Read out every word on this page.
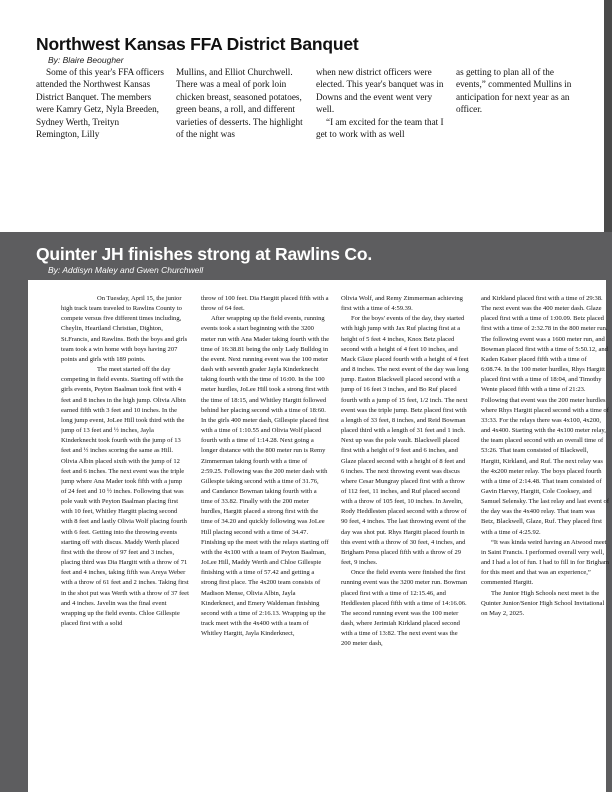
Northwest Kansas FFA District Banquet
By: Blaire Beougher

Some of this year's FFA officers attended the Northwest Kansas District Banquet. The members were Kamry Getz, Nyla Breeden, Sydney Werth, Treityn Remington, Lilly

Mullins, and Elliot Churchwell. There was a meal of pork loin chicken breast, seasoned potatoes, green beans, a roll, and different varieties of desserts. The highlight of the night was

when new district officers were elected. This year's banquet was in Downs and the event went very well.

“I am excited for the team that I get to work with as well

as getting to plan all of the events,” commented Mullins in anticipation for next year as an officer.

Quinter JH finishes strong at Rawlins Co.
By: Addisyn Maley and Gwen Churchwell

On Tuesday, April 15, the junior high track team traveled to Rawlins County to compete versus five different times including, Cheylin, Heartland Christian, Dighton, St.Francis, and Rawlins. Both the boys and girls team took a win home with boys having 207 points and girls with 189 points.

The meet started off the day competing in field events. Starting off with the girls events, Peyton Baalman took first with 4 feet and 8 inches in the high jump. Olivia Albin earned fifth with 3 feet and 10 inches. In the long jump event, JoLee Hill took third with the jump of 13 feet and ½ inches, Jayla Kinderknecht took fourth with the jump of 13 feet and ½ inches scoring the same as Hill. Olivia Albin placed sixth with the jump of 12 feet and 6 inches. The next event was the triple jump where Ana Mader took fifth with a jump of 24 feet and 10 ½ inches. Following that was pole vault with Peyton Baalman placing first with 10 feet, Whitley Hargitt placing second with 8 feet and lastly Olivia Wolf placing fourth with 6 feet. Getting into the throwing events starting off with discus. Maddy Werth placed first with the throw of 97 feet and 3 inches, placing third was Dia Hargitt with a throw of 71 feet and 4 inches, taking fifth was Areya Weber with a throw of 61 feet and 2 inches. Taking first in the shot put was Werth with a throw of 37 feet and 4 inches. Javelin was the final event wrapping up the field events. Chloe Gillespie placed first with a solid

throw of 100 feet. Dia Hargitt placed fifth with a throw of 64 feet.

After wrapping up the field events, running events took a start beginning with the 3200 meter run with Ana Mader taking fourth with the time of 16:38.81 being the only Lady Bulldog in the event. Next running event was the 100 meter dash with seventh grader Jayla Kinderknecht taking fourth with the time of 16:00. In the 100 meter hurdles, JoLee Hill took a strong first with the time of 18:15, and Whitley Hargitt followed behind her placing second with a time of 18:60. In the girls 400 meter dash, Gillespie placed first with a time of 1:10.55 and Olivia Wolf placed fourth with a time of 1:14.28. Next going a longer distance with the 800 meter run is Remy Zimmerman taking fourth with a time of 2:59.25. Following was the 200 meter dash with Gillespie taking second with a time of 31.76, and Candance Bowman taking fourth with a time of 33.82. Finally with the 200 meter hurdles, Hargitt placed a strong first with the time of 34.20 and quickly following was JoLee Hill placing second with a time of 34.47. Finishing up the meet with the relays starting off with the 4x100 with a team of Peyton Baalman, JoLee Hill, Maddy Werth and Chloe Gillespie finishing with a time of 57.42 and getting a strong first place. The 4x200 team consists of Madison Mense, Olivia Albin, Jayla Kinderknect, and Emery Waldeman finishing second with a time of 2:16.13. Wrapping up the track meet with the 4x400 with a team of Whitley Hargitt, Jayla Kinderknect,

Olivia Wolf, and Remy Zimmerman achieving first with a time of 4:59.39.

For the boys' events of the day, they started with high jump with Jax Ruf placing first at a height of 5 feet 4 inches, Knox Betz placed second with a height of 4 feet 10 inches, and Mack Glaze placed fourth with a height of 4 feet and 8 inches. The next event of the day was long jump. Easton Blackwell placed second with a jump of 16 feet 3 inches, and Bo Ruf placed fourth with a jump of 15 feet, 1/2 inch. The next event was the triple jump. Betz placed first with a length of 33 feet, 8 inches, and Reid Bowman placed third with a length of 31 feet and 1 inch. Next up was the pole vault. Blackwell placed first with a height of 9 feet and 6 inches, and Glaze placed second with a height of 8 feet and 6 inches. The next throwing event was discus where Cesar Mungray placed first with a throw of 112 feet, 11 inches, and Ruf placed second with a throw of 105 feet, 10 inches. In Javelin, Rody Heddlesten placed second with a throw of 90 feet, 4 inches. The last throwing event of the day was shot put. Rhys Hargitt placed fourth in this event with a throw of 30 feet, 4 inches, and Brigham Press placed fifth with a throw of 29 feet, 9 inches.

Once the field events were finished the first running event was the 3200 meter run. Bowman placed first with a time of 12:15.46, and Heddlesten placed fifth with a time of 14:16.06. The second running event was the 100 meter dash, where Jerimiah Kirkland placed second with a time of 13:82. The next event was the 200 meter dash,

and Kirkland placed first with a time of 29:38. The next event was the 400 meter dash. Glaze placed first with a time of 1:00.09. Betz placed first with a time of 2:32.78 in the 800 meter run. The following event was a 1600 meter run, and Bowman placed first with a time of 5:50.12, and Kaden Kaiser placed fifth with a time of 6:08.74. In the 100 meter hurdles, Rhys Hargitt placed first with a time of 18:04, and Timothy Wente placed fifth with a time of 21:23. Following that event was the 200 meter hurdles where Rhys Hargitt placed second with a time of 33:33. For the relays there was 4x100, 4x200, and 4x400. Starting with the 4x100 meter relay, the team placed second with an overall time of 53:26. That team consisted of Blackwell, Hargitt, Kirkland, and Ruf. The next relay was the 4x200 meter relay. The boys placed fourth with a time of 2:14.48. That team consisted of Gavin Harvey, Hargitt, Cole Cooksey, and Samuel Selensky. The last relay and last event of the day was the 4x400 relay. That team was Betz, Blackwell, Glaze, Ruf. They placed first with a time of 4:25.92.

“It was kinda weird having an Atwood meet in Saint Francis. I performed overall very well, and I had a lot of fun. I had to fill in for Brigham for this meet and that was an experience,” commented Hargitt.

The Junior High Schools next meet is the Quinter Junior/Senior High School Invitational on May 2, 2025.
